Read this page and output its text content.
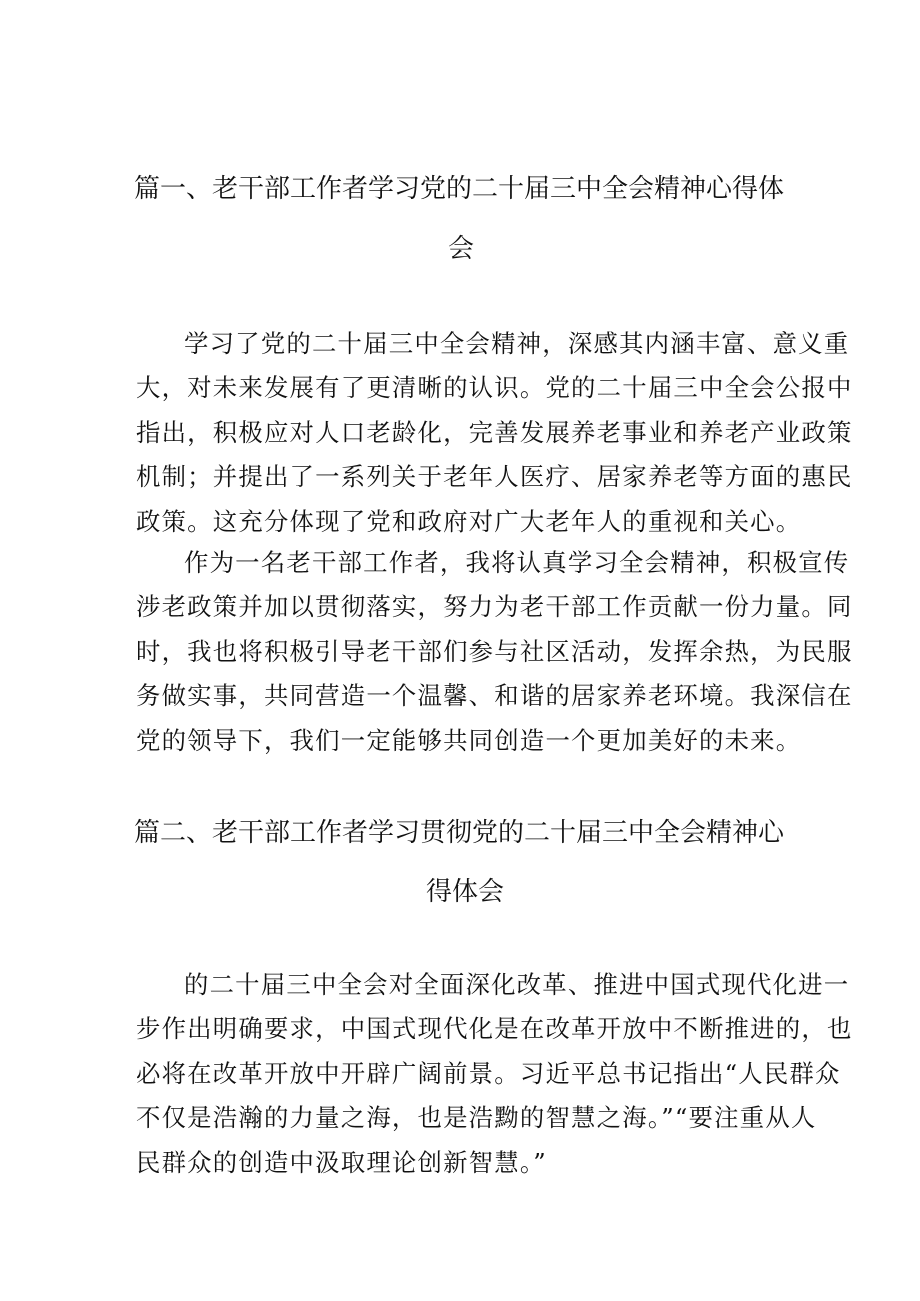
篇一、老干部工作者学习党的二十届三中全会精神心得体
会
学习了党的二十届三中全会精神，深感其内涵丰富、意义重
大，对未来发展有了更清晰的认识。党的二十届三中全会公报中
指出，积极应对人口老龄化，完善发展养老事业和养老产业政策
机制；并提出了一系列关于老年人医疗、居家养老等方面的惠民
政策。这充分体现了党和政府对广大老年人的重视和关心。
作为一名老干部工作者，我将认真学习全会精神，积极宣传
涉老政策并加以贯彻落实，努力为老干部工作贡献一份力量。同
时，我也将积极引导老干部们参与社区活动，发挥余热，为民服
务做实事，共同营造一个温馨、和谐的居家养老环境。我深信在
党的领导下，我们一定能够共同创造一个更加美好的未来。
篇二、老干部工作者学习贯彻党的二十届三中全会精神心
得体会
的二十届三中全会对全面深化改革、推进中国式现代化进一
步作出明确要求，中国式现代化是在改革开放中不断推进的，也
必将在改革开放中开辟广阔前景。习近平总书记指出“人民群众
不仅是浩瀚的力量之海，也是浩黝的智慧之海。”“要注重从人
民群众的创造中汲取理论创新智慧。”
